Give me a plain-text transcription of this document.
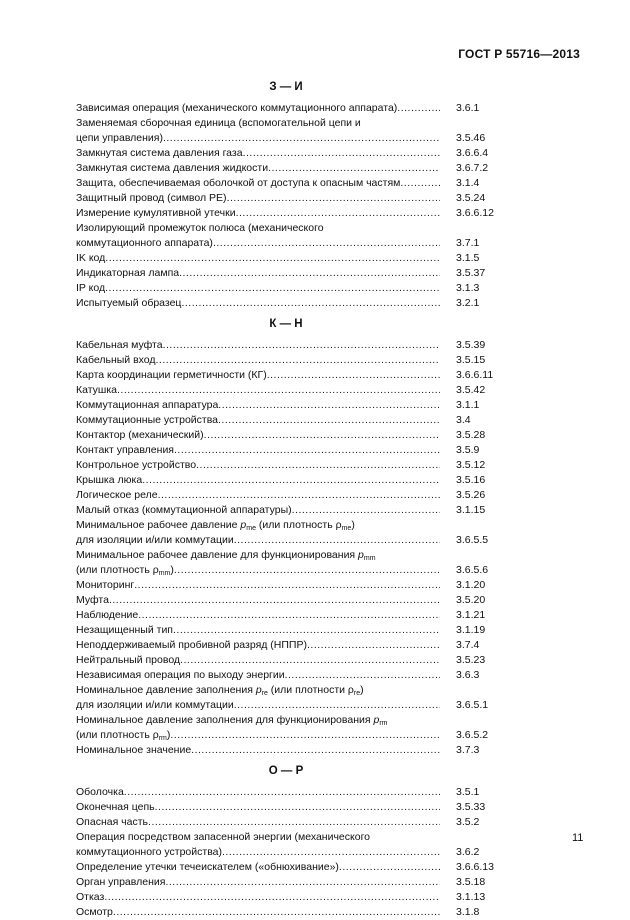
ГОСТ Р 55716—2013
З — И
Зависимая операция (механического коммутационного аппарата) .....	3.6.1
Заменяемая сборочная единица (вспомогательной цепи и
цепи управления) .....	3.5.46
Замкнутая система давления газа .....	3.6.6.4
Замкнутая система давления жидкости .....	3.6.7.2
Защита, обеспечиваемая оболочкой от доступа к опасным частям .....	3.1.4
Защитный провод (символ PE) .....	3.5.24
Измерение кумулятивной утечки .....	3.6.6.12
Изолирующий промежуток полюса (механического
коммутационного аппарата) .....	3.7.1
IK код .....	3.1.5
Индикаторная лампа .....	3.5.37
IP код .....	3.1.3
Испытуемый образец .....	3.2.1
К — Н
Кабельная муфта .....	3.5.39
Кабельный вход .....	3.5.15
Карта координации герметичности (КГ) .....	3.6.6.11
Катушка .....	3.5.42
Коммутационная аппаратура .....	3.1.1
Коммутационные устройства .....	3.4
Контактор (механический) .....	3.5.28
Контакт управления .....	3.5.9
Контрольное устройство .....	3.5.12
Крышка люка .....	3.5.16
Логическое реле .....	3.5.26
Малый отказ (коммутационной аппаратуры) .....	3.1.15
Минимальное рабочее давление $p_{me}$ (или плотность $\rho_{me}$)
для изоляции и/или коммутации .....	3.6.5.5
Минимальное рабочее давление для функционирования $p_{mm}$
(или плотность $\rho_{mm}$) .....	3.6.5.6
Мониторинг .....	3.1.20
Муфта .....	3.5.20
Наблюдение .....	3.1.21
Незащищенный тип .....	3.1.19
Неподдерживаемый пробивной разряд (НППР) .....	3.7.4
Нейтральный провод .....	3.5.23
Независимая операция по выходу энергии .....	3.6.3
Номинальное давление заполнения $p_{re}$ (или плотности $\rho_{re}$)
для изоляции и/или коммутации .....	3.6.5.1
Номинальное давление заполнения для функционирования $p_{rm}$
(или плотность $\rho_{rm}$) .....	3.6.5.2
Номинальное значение .....	3.7.3
О — Р
Оболочка .....	3.5.1
Оконечная цепь .....	3.5.33
Опасная часть .....	3.5.2
Операция посредством запасенной энергии (механического
коммутационного устройства) .....	3.6.2
Определение утечки течеискателем («обнюхивание») .....	3.6.6.13
Орган управления .....	3.5.18
Отказ .....	3.1.13
Осмотр .....	3.1.8
11
